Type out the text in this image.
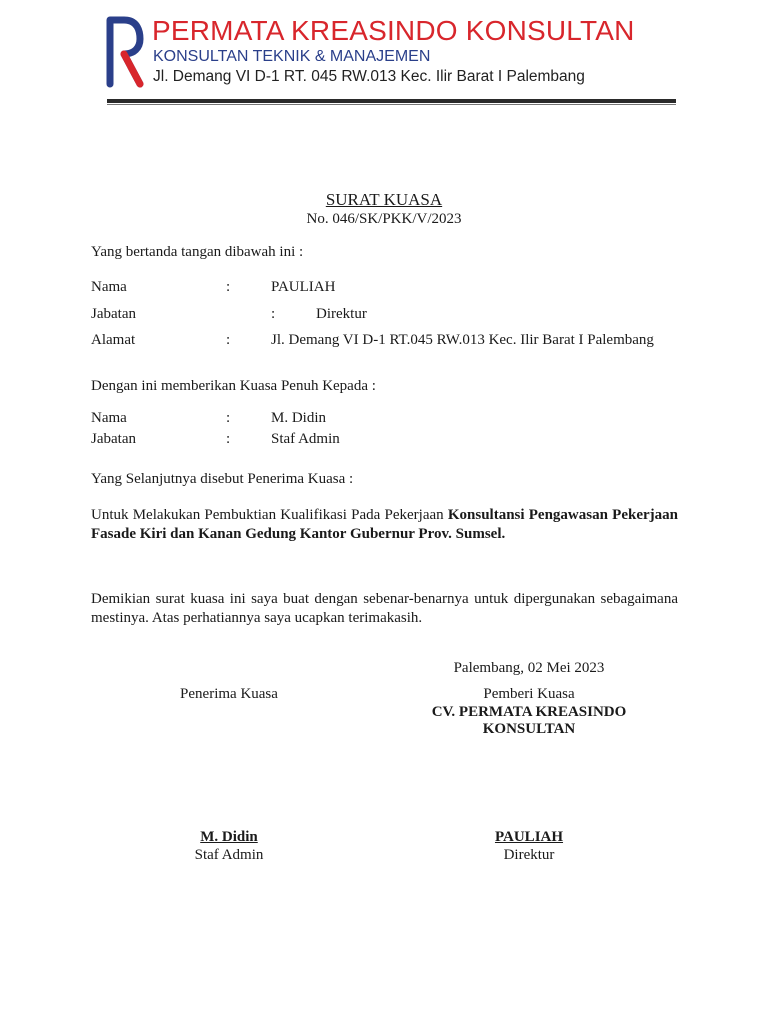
PERMATA KREASINDO KONSULTAN
KONSULTAN TEKNIK & MANAJEMEN
Jl. Demang VI D-1 RT. 045 RW.013 Kec. Ilir Barat I Palembang
SURAT KUASA
No. 046/SK/PKK/V/2023
Yang bertanda tangan dibawah ini :
Nama	:	PAULIAH
Jabatan	:	Direktur
Alamat	:	Jl. Demang VI D-1 RT.045 RW.013 Kec. Ilir Barat I Palembang
Dengan ini memberikan Kuasa Penuh Kepada :
Nama	:	M. Didin
Jabatan	:	Staf Admin
Yang Selanjutnya disebut Penerima Kuasa :

Untuk Melakukan Pembuktian Kualifikasi Pada Pekerjaan Konsultansi Pengawasan Pekerjaan Fasade Kiri dan Kanan Gedung Kantor Gubernur Prov. Sumsel.

Demikian surat kuasa ini saya buat dengan sebenar-benarnya untuk dipergunakan sebagaimana mestinya. Atas perhatiannya saya ucapkan terimakasih.

Palembang, 02 Mei 2023
Penerima Kuasa
M. Didin
Staf Admin
Pemberi Kuasa
CV. PERMATA KREASINDO
KONSULTAN
PAULIAH
Direktur
